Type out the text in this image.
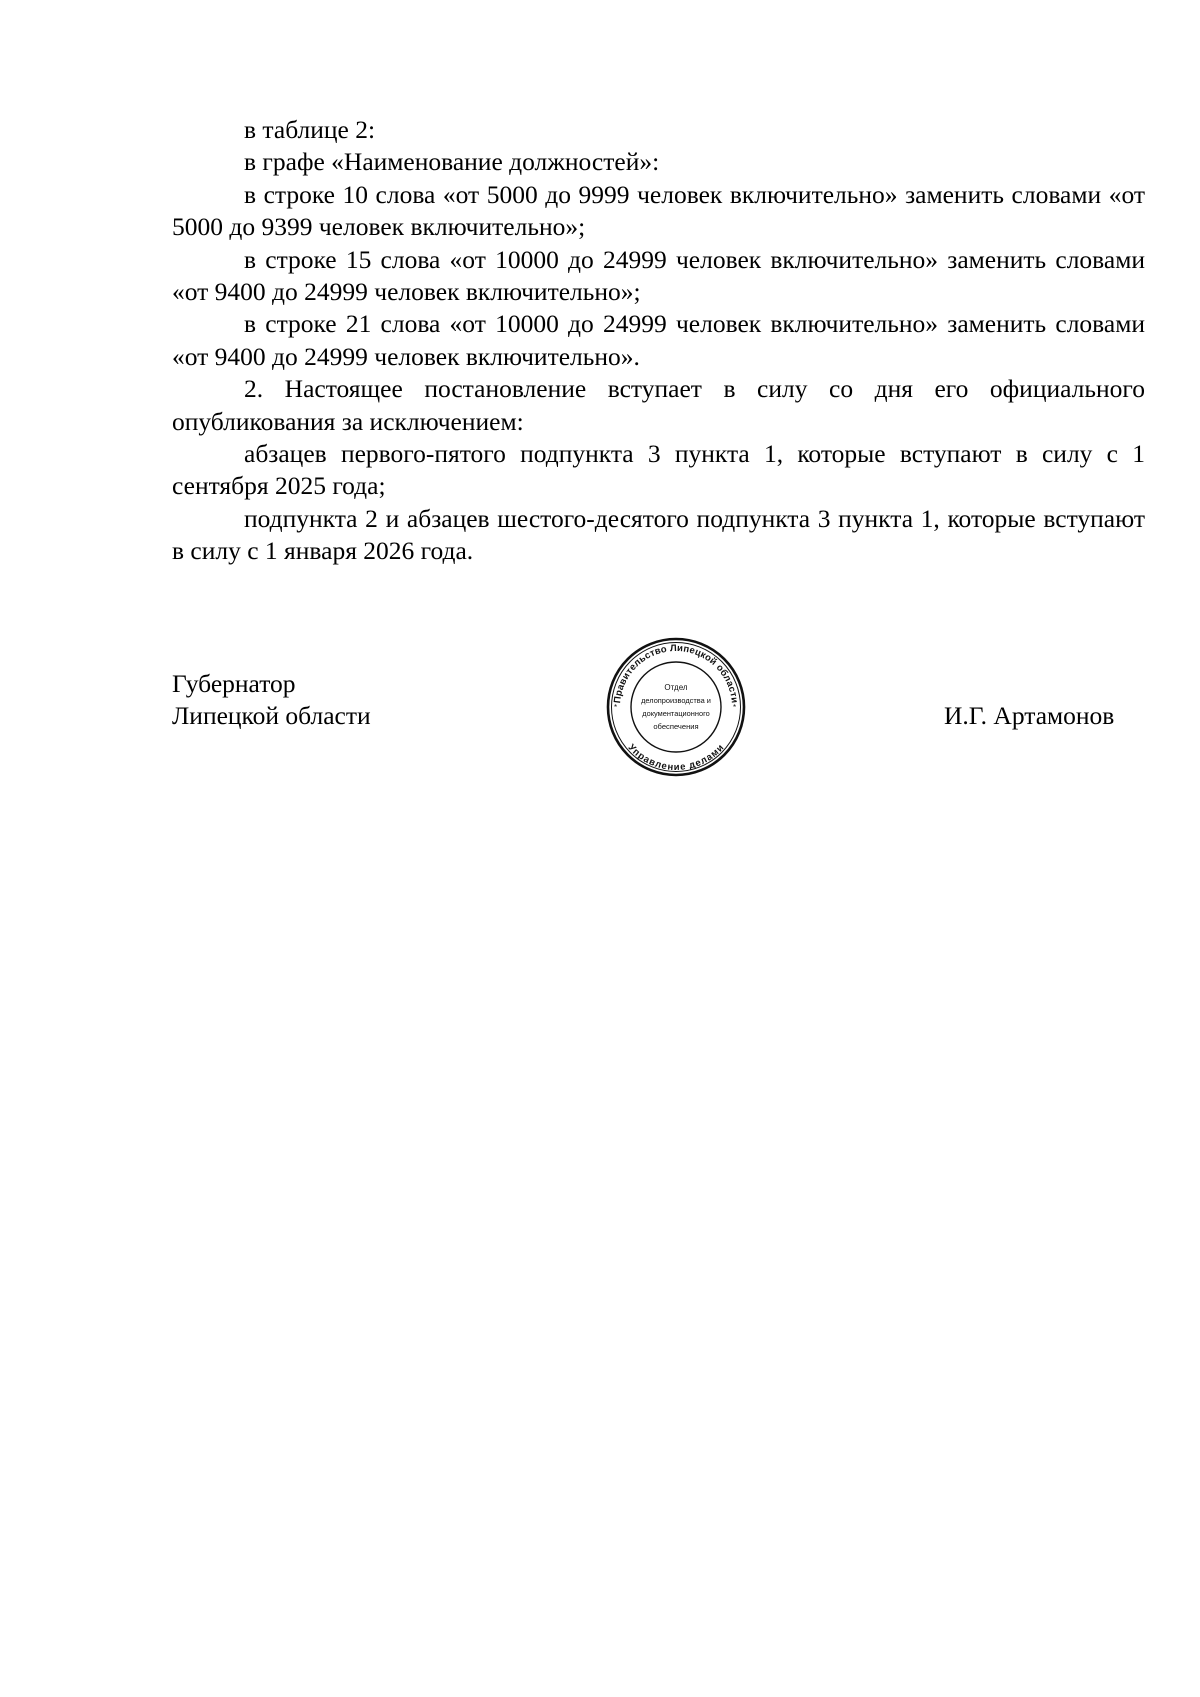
в таблице 2:

в графе «Наименование должностей»:

в строке 10 слова «от 5000 до 9999 человек включительно» заменить словами «от 5000 до 9399 человек включительно»;

в строке 15 слова «от 10000 до 24999 человек включительно» заменить словами «от 9400 до 24999 человек включительно»;

в строке 21 слова «от 10000 до 24999 человек включительно» заменить словами «от 9400 до 24999 человек включительно».

2. Настоящее постановление вступает в силу со дня его официального опубликования за исключением:

абзацев первого-пятого подпункта 3 пункта 1, которые вступают в силу с 1 сентября 2025 года;

подпункта 2 и абзацев шестого-десятого подпункта 3 пункта 1, которые вступают в силу с 1 января 2026 года.

Губернатор
Липецкой области
Правительство Липецкой области
Управление делами
*	*
Отдел
делопроизводства и
документационного
обеспечения	И.Г. Артамонов
